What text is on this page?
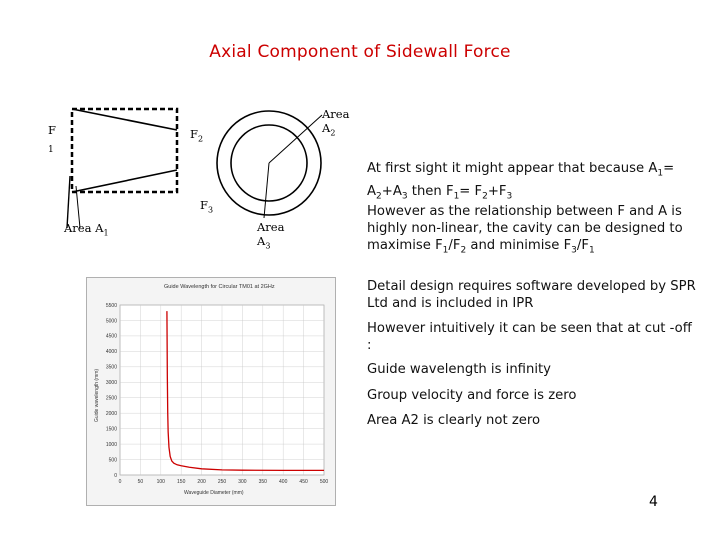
Axial Component of Sidewall Force
F
1
$F_2$
$F_3$
Area $A_1$
Area
$A_2$
Area
$A_3$
Guide Wavelength for Circular TM01 at 2GHz
Waveguide Diameter (mm)
Guide wavelength (mm)
0
500
1000
1500
2000
2500
3000
3500
4000
4500
5000
5500
0	50	100 150 200 250 300 350 400 450 500
At first sight it might appear that because $A_1= A_2+A_3$ then $F_1= F_2+F_3$
However as the relationship between F and A is highly non-linear, the cavity can be designed to maximise $F_1/F_2$ and minimise $F_3/F_1$
Detail design requires software developed by SPR Ltd and is included in IPR
However intuitively it can be seen that at cut -off :
Guide wavelength is infinity
Group velocity and force is zero
Area A2 is clearly not zero
4
